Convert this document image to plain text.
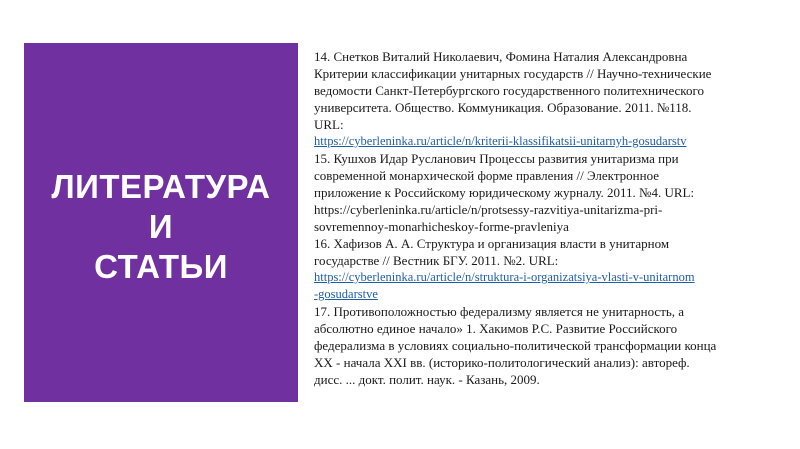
ЛИТЕРАТУРА
И
СТАТЬИ
14. Снетков Виталий Николаевич, Фомина Наталия Александровна
Критерии классификации унитарных государств // Научно-технические
ведомости Санкт-Петербургского государственного политехнического
университета. Общество. Коммуникация. Образование. 2011. №118.
URL:
https://cyberleninka.ru/article/n/kriterii-klassifikatsii-unitarnyh-gosudarstv
15. Кушхов Идар Русланович Процессы развития унитаризма при
современной монархической форме правления // Электронное
приложение к Российскому юридическому журналу. 2011. №4. URL:
https://cyberleninka.ru/article/n/protsessy-razvitiya-unitarizma-pri-
sovremennoy-monarhicheskoy-forme-pravleniya
16. Хафизов А. А. Структура и организация власти в унитарном
государстве // Вестник БГУ. 2011. №2. URL:
https://cyberleninka.ru/article/n/struktura-i-organizatsiya-vlasti-v-unitarnom
-gosudarstve
17. Противоположностью федерализму является не унитарность, а
абсолютно единое начало» 1. Хакимов Р.С. Развитие Российского
федерализма в условиях социально-политической трансформации конца
XX - начала XXI вв. (историко-политологический анализ): автореф.
дисс. ... докт. полит. наук. - Казань, 2009.
